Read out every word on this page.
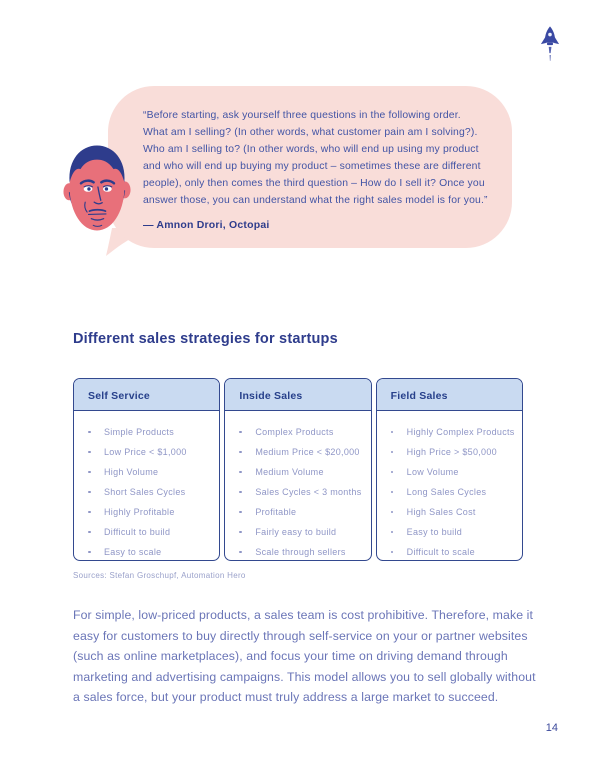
“Before starting, ask yourself three questions in the following order. What am I selling? (In other words, what customer pain am I solving?). Who am I selling to? (In other words, who will end up using my product and who will end up buying my product – sometimes these are different people), only then comes the third question – How do I sell it? Once you answer those, you can understand what the right sales model is for you.”
— Amnon Drori, Octopai
Different sales strategies for startups
Self Service
Simple Products
Low Price < $1,000
High Volume
Short Sales Cycles
Highly Profitable
Difficult to build
Easy to scale
Inside Sales
Complex Products
Medium Price < $20,000
Medium Volume
Sales Cycles < 3 months
Profitable
Fairly easy to build
Scale through sellers
Field Sales
Highly Complex Products
High Price > $50,000
Low Volume
Long Sales Cycles
High Sales Cost
Easy to build
Difficult to scale
Sources: Stefan Groschupf, Automation Hero
For simple, low-priced products, a sales team is cost prohibitive. Therefore, make it easy for customers to buy directly through self-service on your or partner websites (such as online marketplaces), and focus your time on driving demand through marketing and advertising campaigns. This model allows you to sell globally without a sales force, but your product must truly address a large market to succeed.
14
